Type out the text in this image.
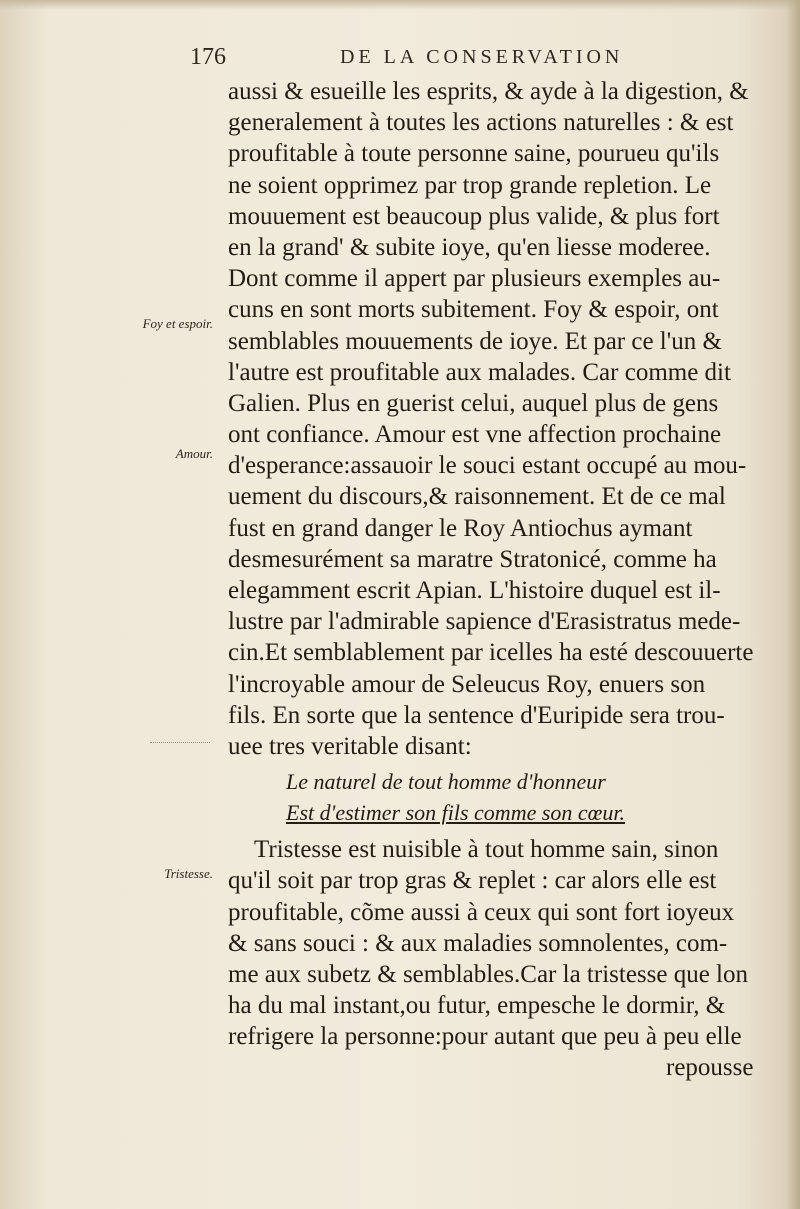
176	DE LA CONSERVATION
Foy et espoir.
Amour.
Tristesse.
aussi & esueille les esprits, & ayde à la digestion, &
generalement à toutes les actions naturelles : & est
proufitable à toute personne saine, pourueu qu'ils
ne soient opprimez par trop grande repletion. Le
mouuement est beaucoup plus valide, & plus fort
en la grand' & subite ioye, qu'en liesse moderee.
Dont comme il appert par plusieurs exemples au-
cuns en sont morts subitement. Foy & espoir, ont
semblables mouuements de ioye. Et par ce l'un &
l'autre est proufitable aux malades. Car comme dit
Galien. Plus en guerist celui, auquel plus de gens
ont confiance. Amour est vne affection prochaine
d'esperance:assauoir le souci estant occupé au mou-
uement du discours,& raisonnement. Et de ce mal
fust en grand danger le Roy Antiochus aymant
desmesurément sa maratre Stratonicé, comme ha
elegamment escrit Apian. L'histoire duquel est il-
lustre par l'admirable sapience d'Erasistratus mede-
cin.Et semblablement par icelles ha esté descouuerte
l'incroyable amour de Seleucus Roy, enuers son
fils. En sorte que la sentence d'Euripide sera trou-
uee tres veritable disant:
Le naturel de tout homme d'honneur
Est d'estimer son fils comme son cœur.
Tristesse est nuisible à tout homme sain, sinon
qu'il soit par trop gras & replet : car alors elle est
proufitable, cõme aussi à ceux qui sont fort ioyeux
& sans souci : & aux maladies somnolentes, com-
me aux subetz & semblables.Car la tristesse que lon
ha du mal instant,ou futur, empesche le dormir, &
refrigere la personne:pour autant que peu à peu elle
repousse
